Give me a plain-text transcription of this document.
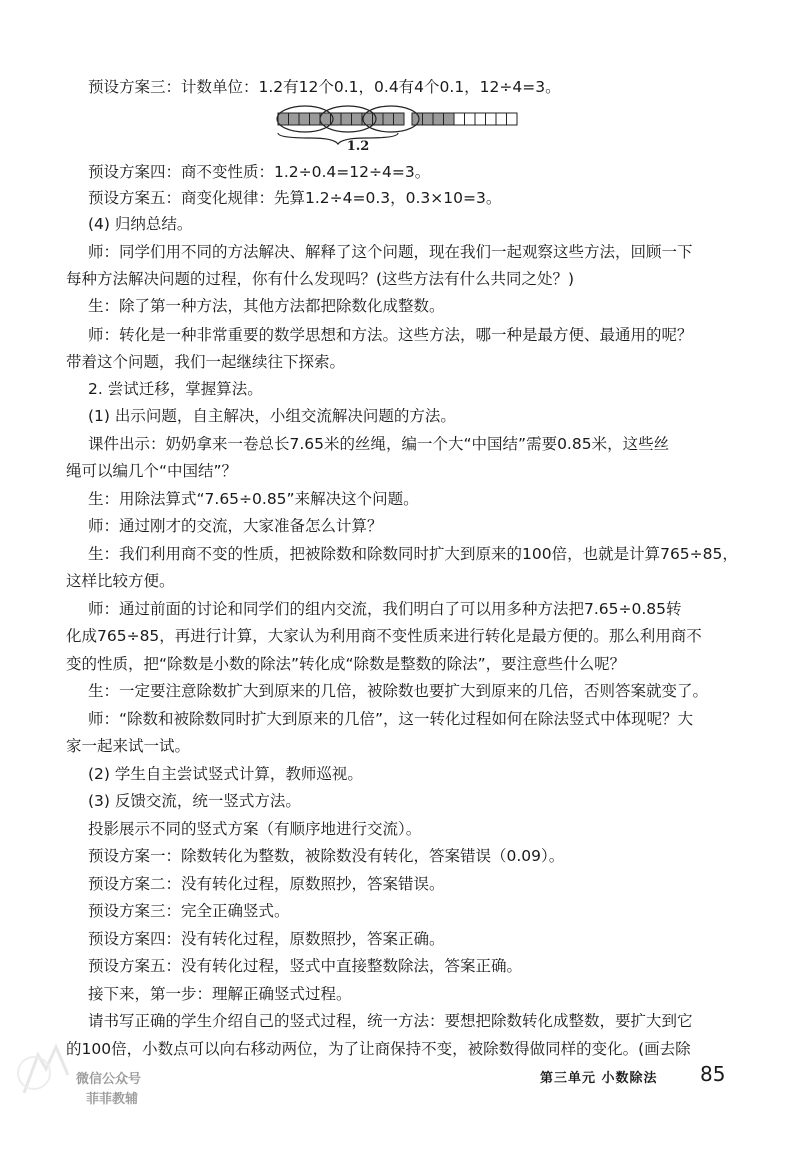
预设方案三：计数单位：1.2有12个0.1，0.4有4个0.1，12÷4=3。
1.2
预设方案四：商不变性质：1.2÷0.4=12÷4=3。
预设方案五：商变化规律：先算1.2÷4=0.3，0.3×10=3。
(4) 归纳总结。
师：同学们用不同的方法解决、解释了这个问题，现在我们一起观察这些方法，回顾一下
每种方法解决问题的过程，你有什么发现吗？(这些方法有什么共同之处？)
生：除了第一种方法，其他方法都把除数化成整数。
师：转化是一种非常重要的数学思想和方法。这些方法，哪一种是最方便、最通用的呢？
带着这个问题，我们一起继续往下探索。
2. 尝试迁移，掌握算法。
(1) 出示问题，自主解决，小组交流解决问题的方法。
课件出示：奶奶拿来一卷总长7.65米的丝绳，编一个大“中国结”需要0.85米，这些丝
绳可以编几个“中国结”？
生：用除法算式“7.65÷0.85”来解决这个问题。
师：通过刚才的交流，大家准备怎么计算？
生：我们利用商不变的性质，把被除数和除数同时扩大到原来的100倍，也就是计算765÷85，
这样比较方便。
师：通过前面的讨论和同学们的组内交流，我们明白了可以用多种方法把7.65÷0.85转
化成765÷85，再进行计算，大家认为利用商不变性质来进行转化是最方便的。那么利用商不
变的性质，把“除数是小数的除法”转化成“除数是整数的除法”，要注意些什么呢？
生：一定要注意除数扩大到原来的几倍，被除数也要扩大到原来的几倍，否则答案就变了。
师：“除数和被除数同时扩大到原来的几倍”，这一转化过程如何在除法竖式中体现呢？大
家一起来试一试。
(2) 学生自主尝试竖式计算，教师巡视。
(3) 反馈交流，统一竖式方法。
投影展示不同的竖式方案（有顺序地进行交流）。
预设方案一：除数转化为整数，被除数没有转化，答案错误（0.09）。
预设方案二：没有转化过程，原数照抄，答案错误。
预设方案三：完全正确竖式。
预设方案四：没有转化过程，原数照抄，答案正确。
预设方案五：没有转化过程，竖式中直接整数除法，答案正确。
接下来，第一步：理解正确竖式过程。
请书写正确的学生介绍自己的竖式过程，统一方法：要想把除数转化成整数，要扩大到它
的100倍，小数点可以向右移动两位，为了让商保持不变，被除数得做同样的变化。(画去除
微信公众号
菲菲教辅
第三单元 小数除法 85
